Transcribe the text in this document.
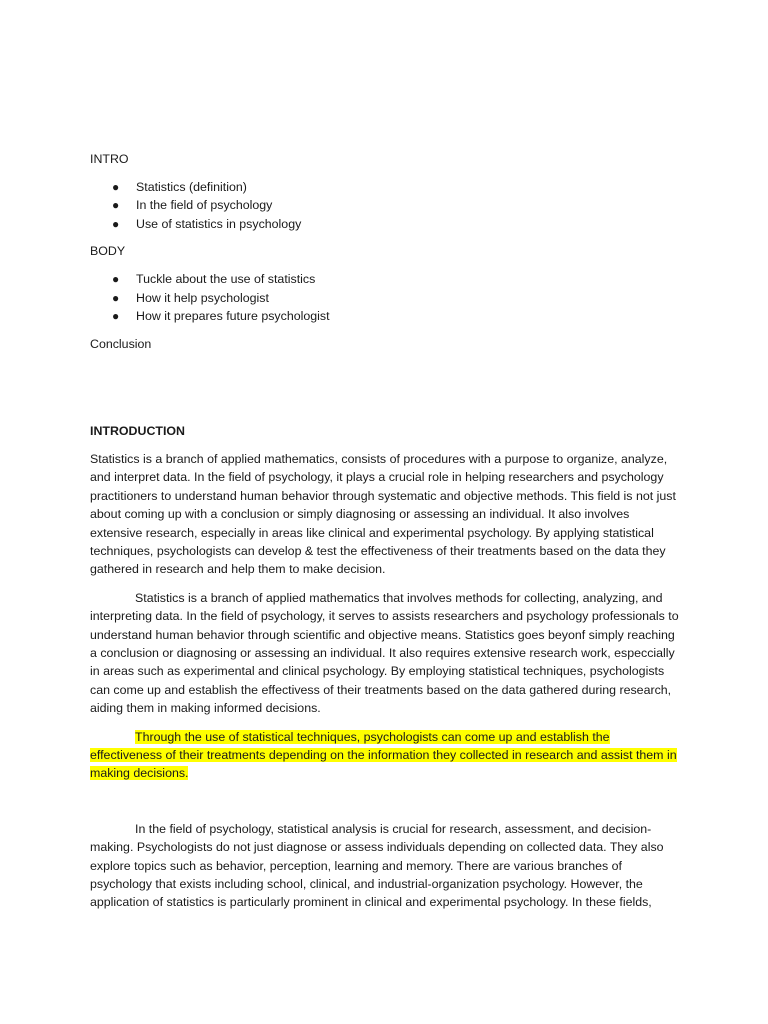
INTRO

● Statistics (definition)
● In the field of psychology
● Use of statistics in psychology

BODY

● Tuckle about the use of statistics
● How it help psychologist
● How it prepares future psychologist

Conclusion

INTRODUCTION

Statistics is a branch of applied mathematics, consists of procedures with a purpose to organize, analyze, and interpret data. In the field of psychology, it plays a crucial role in helping researchers and psychology practitioners to understand human behavior through systematic and objective methods. This field is not just about coming up with a conclusion or simply diagnosing or assessing an individual. It also involves extensive research, especially in areas like clinical and experimental psychology. By applying statistical techniques, psychologists can develop & test the effectiveness of their treatments based on the data they gathered in research and help them to make decision.

Statistics is a branch of applied mathematics that involves methods for collecting, analyzing, and interpreting data. In the field of psychology, it serves to assists researchers and psychology professionals to understand human behavior through scientific and objective means. Statistics goes beyonf simply reaching a conclusion or diagnosing or assessing an individual. It also requires extensive research work, especcially in areas such as experimental and clinical psychology. By employing statistical techniques, psychologists can come up and establish the effectivess of their treatments based on the data gathered during research, aiding them in making informed decisions.

Through the use of statistical techniques, psychologists can come up and establish the effectiveness of their treatments depending on the information they collected in research and assist them in making decisions.

In the field of psychology, statistical analysis is crucial for research, assessment, and decision-making. Psychologists do not just diagnose or assess individuals depending on collected data. They also explore topics such as behavior, perception, learning and memory. There are various branches of psychology that exists including school, clinical, and industrial-organization psychology. However, the application of statistics is particularly prominent in clinical and experimental psychology. In these fields,
